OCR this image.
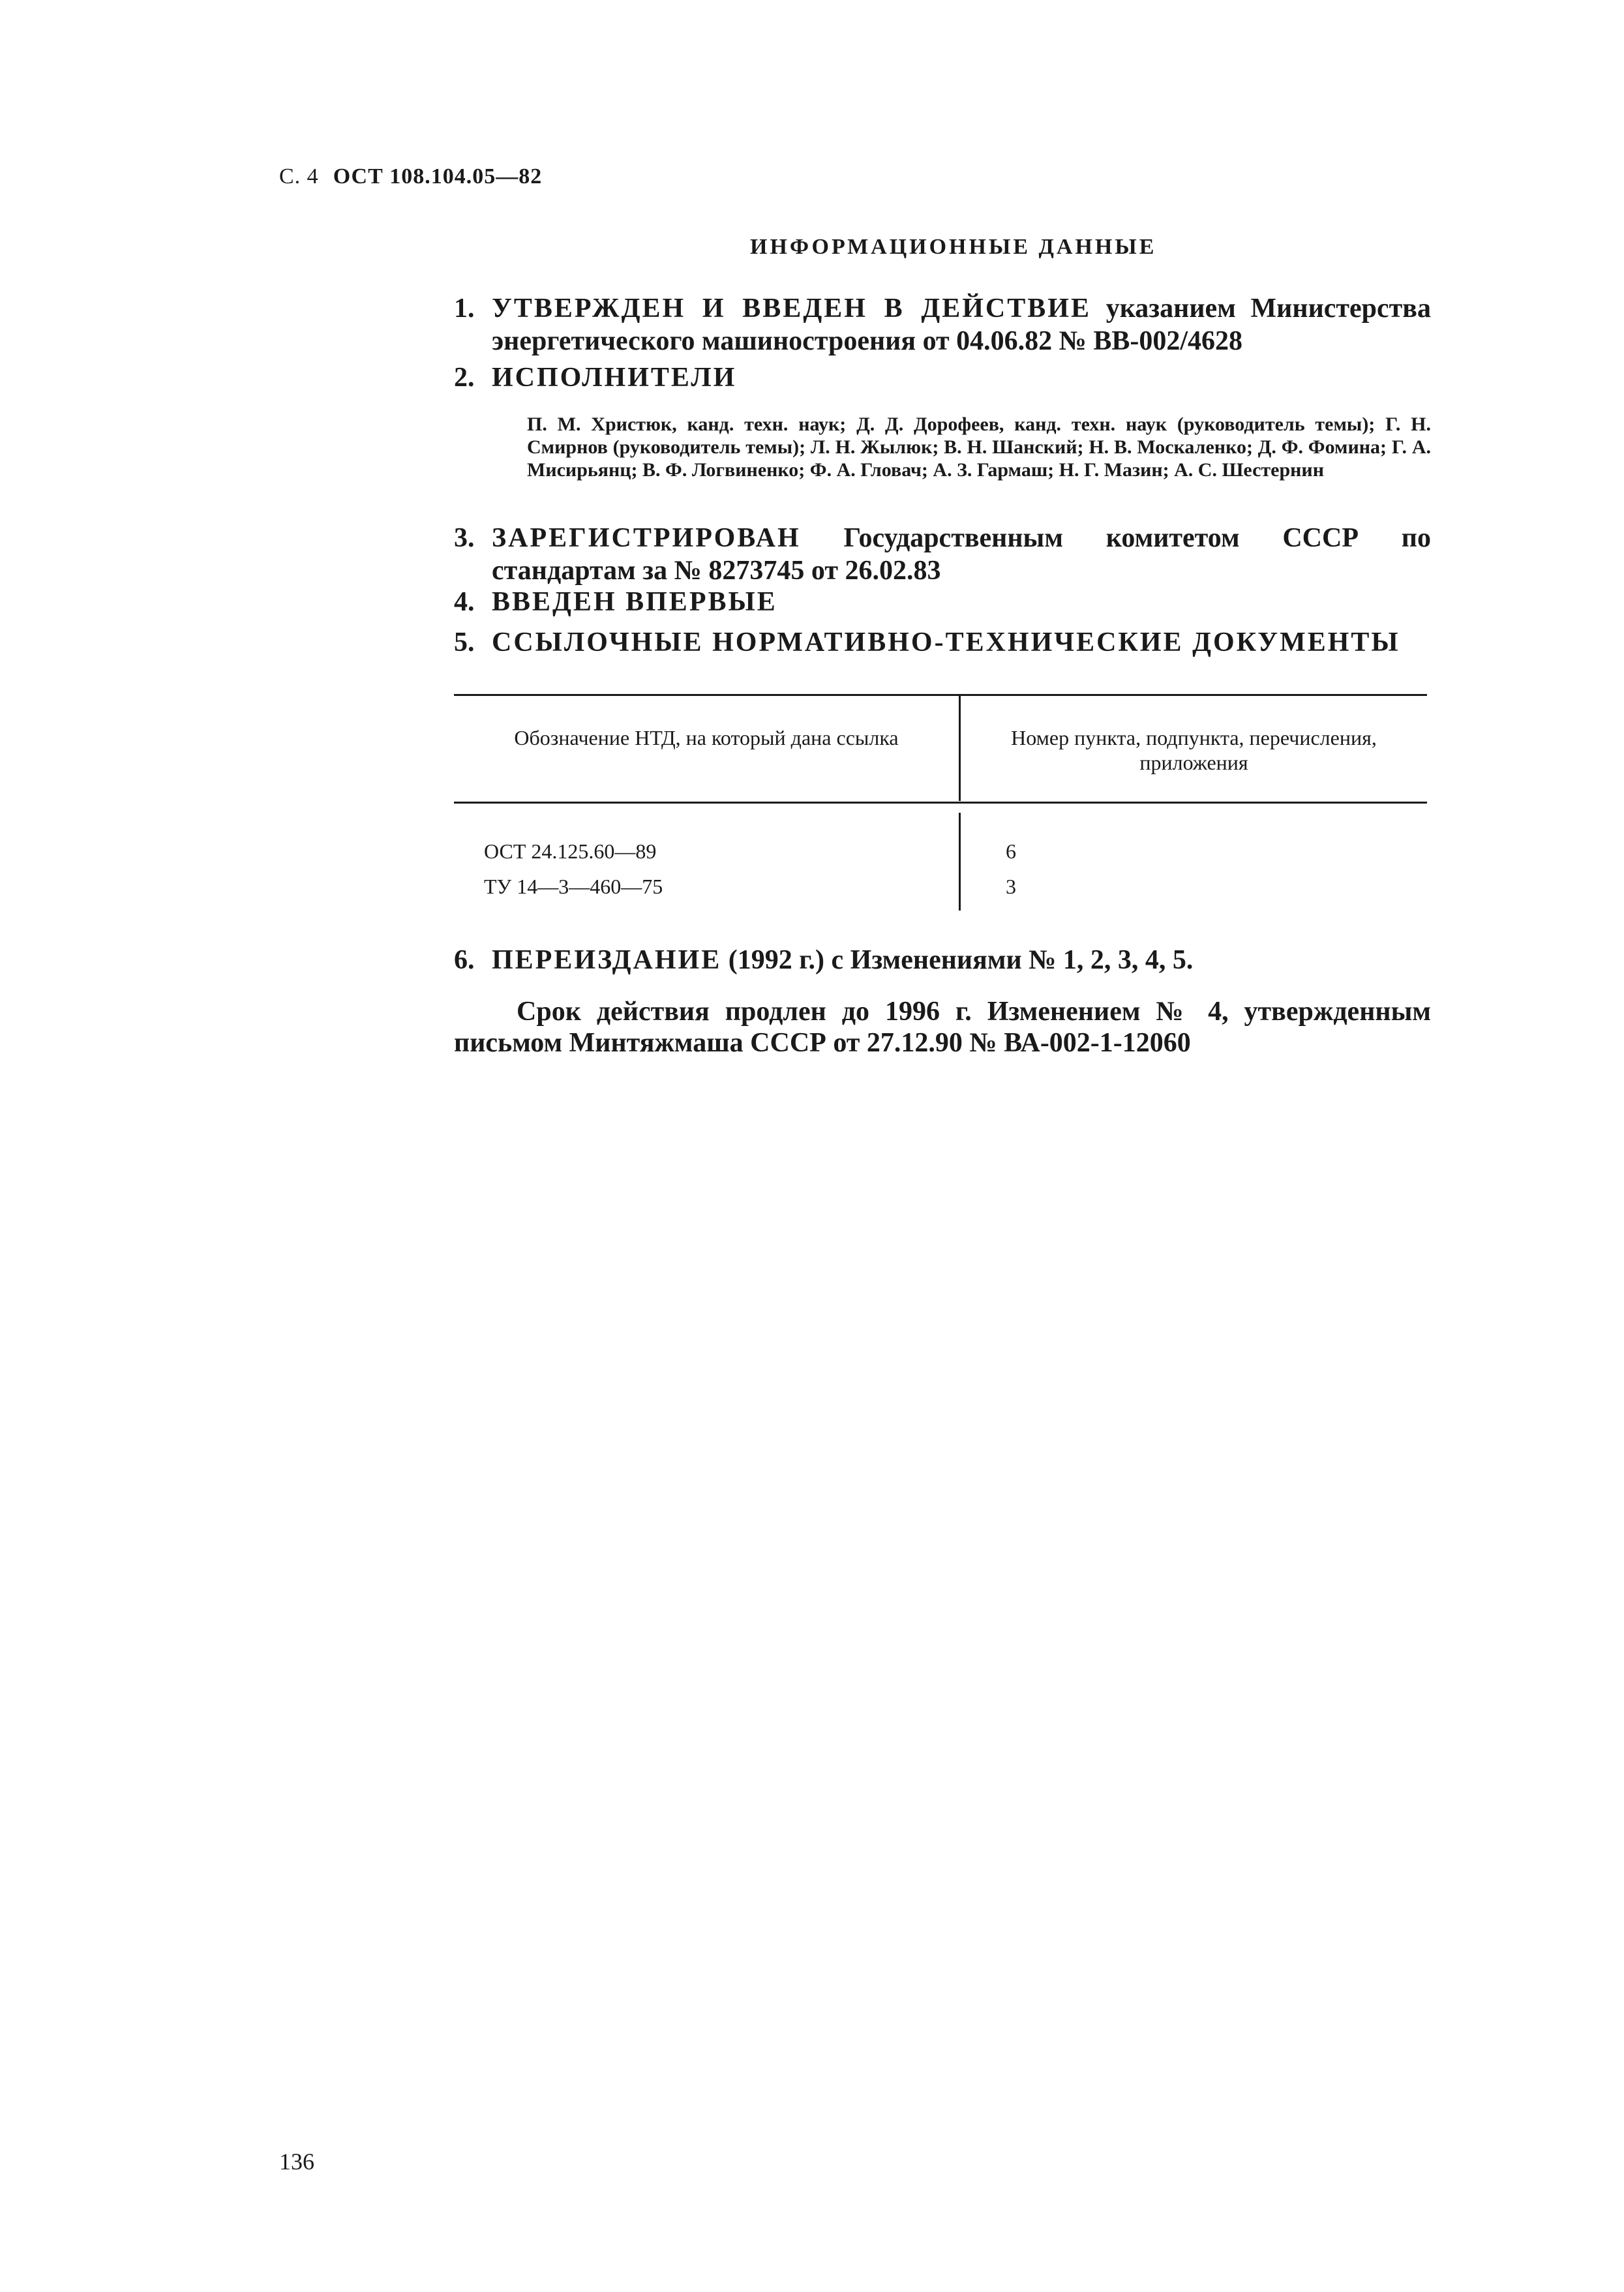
С. 4 ОСТ 108.104.05—82
ИНФОРМАЦИОННЫЕ ДАННЫЕ
1. УТВЕРЖДЕН И ВВЕДЕН В ДЕЙСТВИЕ указанием Министерства энергетического машиностроения от 04.06.82 № ВВ-002/4628
2. ИСПОЛНИТЕЛИ
П. М. Христюк, канд. техн. наук; Д. Д. Дорофеев, канд. техн. наук (руководитель темы); Г. Н. Смирнов (руководитель темы); Л. Н. Жылюк; В. Н. Шанский; Н. В. Москаленко; Д. Ф. Фомина; Г. А. Мисирьянц; В. Ф. Логвиненко; Ф. А. Гловач; А. З. Гармаш; Н. Г. Мазин; А. С. Шестернин
3. ЗАРЕГИСТРИРОВАН Государственным комитетом СССР по стандартам за № 8273745 от 26.02.83
4. ВВЕДЕН ВПЕРВЫЕ
5. ССЫЛОЧНЫЕ НОРМАТИВНО-ТЕХНИЧЕСКИЕ ДОКУМЕНТЫ
Обозначение НТД, на который дана ссылка	Номер пункта, подпункта, перечисления, приложения
ОСТ 24.125.60—89	6
ТУ 14—3—460—75	3
6. ПЕРЕИЗДАНИЕ (1992 г.) с Изменениями № 1, 2, 3, 4, 5.
Срок действия продлен до 1996 г. Изменением № 4, утвержденным письмом Минтяжмаша СССР от 27.12.90 № ВА-002-1-12060
136
